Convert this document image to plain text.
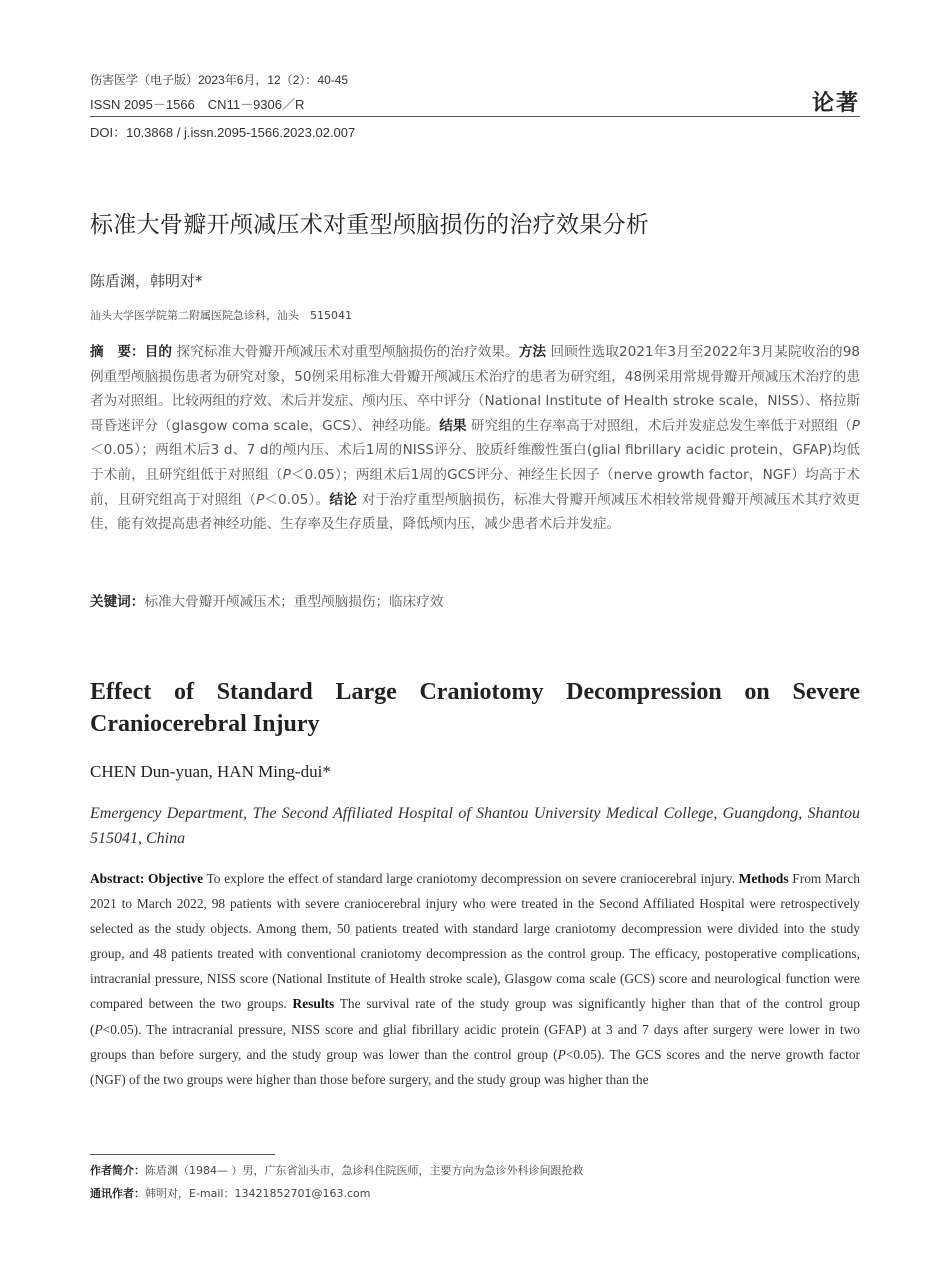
伤害医学（电子版）2023年6月，12（2）：40-45
ISSN 2095－1566　CN11－9306／R	论著
DOI：10.3868 / j.issn.2095-1566.2023.02.007
标准大骨瓣开颅减压术对重型颅脑损伤的治疗效果分析
陈盾渊，韩明对*
汕头大学医学院第二附属医院急诊科，汕头　515041
摘　要：目的 探究标准大骨瓣开颅减压术对重型颅脑损伤的治疗效果。方法 回顾性选取2021年3月至2022年3月某院收治的98例重型颅脑损伤患者为研究对象，50例采用标准大骨瓣开颅减压术治疗的患者为研究组，48例采用常规骨瓣开颅减压术治疗的患者为对照组。比较两组的疗效、术后并发症、颅内压、卒中评分（National Institute of Health stroke scale，NISS）、格拉斯哥昏迷评分（glasgow coma scale，GCS）、神经功能。结果 研究组的生存率高于对照组，术后并发症总发生率低于对照组（P＜0.05）；两组术后3 d、7 d的颅内压、术后1周的NISS评分、胶质纤维酸性蛋白(glial fibrillary acidic protein，GFAP)均低于术前，且研究组低于对照组（P＜0.05）；两组术后1周的GCS评分、神经生长因子（nerve growth factor，NGF）均高于术前，且研究组高于对照组（P＜0.05）。结论 对于治疗重型颅脑损伤，标准大骨瓣开颅减压术相较常规骨瓣开颅减压术其疗效更佳，能有效提高患者神经功能、生存率及生存质量，降低颅内压，减少患者术后并发症。
关键词：标准大骨瓣开颅减压术；重型颅脑损伤；临床疗效
Effect of Standard Large Craniotomy Decompression on Severe
Craniocerebral Injury
CHEN Dun-yuan, HAN Ming-dui*
Emergency Department, The Second Affiliated Hospital of Shantou University Medical College, Guangdong, Shantou 515041, China
Abstract: Objective To explore the effect of standard large craniotomy decompression on severe craniocerebral injury. Methods From March 2021 to March 2022, 98 patients with severe craniocerebral injury who were treated in the Second Affiliated Hospital were retrospectively selected as the study objects. Among them, 50 patients treated with standard large craniotomy decompression were divided into the study group, and 48 patients treated with conventional craniotomy decompression as the control group. The efficacy, postoperative complications, intracranial pressure, NISS score (National Institute of Health stroke scale), Glasgow coma scale (GCS) score and neurological function were compared between the two groups. Results The survival rate of the study group was significantly higher than that of the control group (P<0.05). The intracranial pressure, NISS score and glial fibrillary acidic protein (GFAP) at 3 and 7 days after surgery were lower in two groups than before surgery, and the study group was lower than the control group (P<0.05). The GCS scores and the nerve growth factor (NGF) of the two groups were higher than those before surgery, and the study group was higher than the
作者简介：陈盾渊（1984— ）男，广东省汕头市，急诊科住院医师，主要方向为急诊外科诊间跟抢救
通讯作者：韩明对，E-mail：13421852701@163.com
